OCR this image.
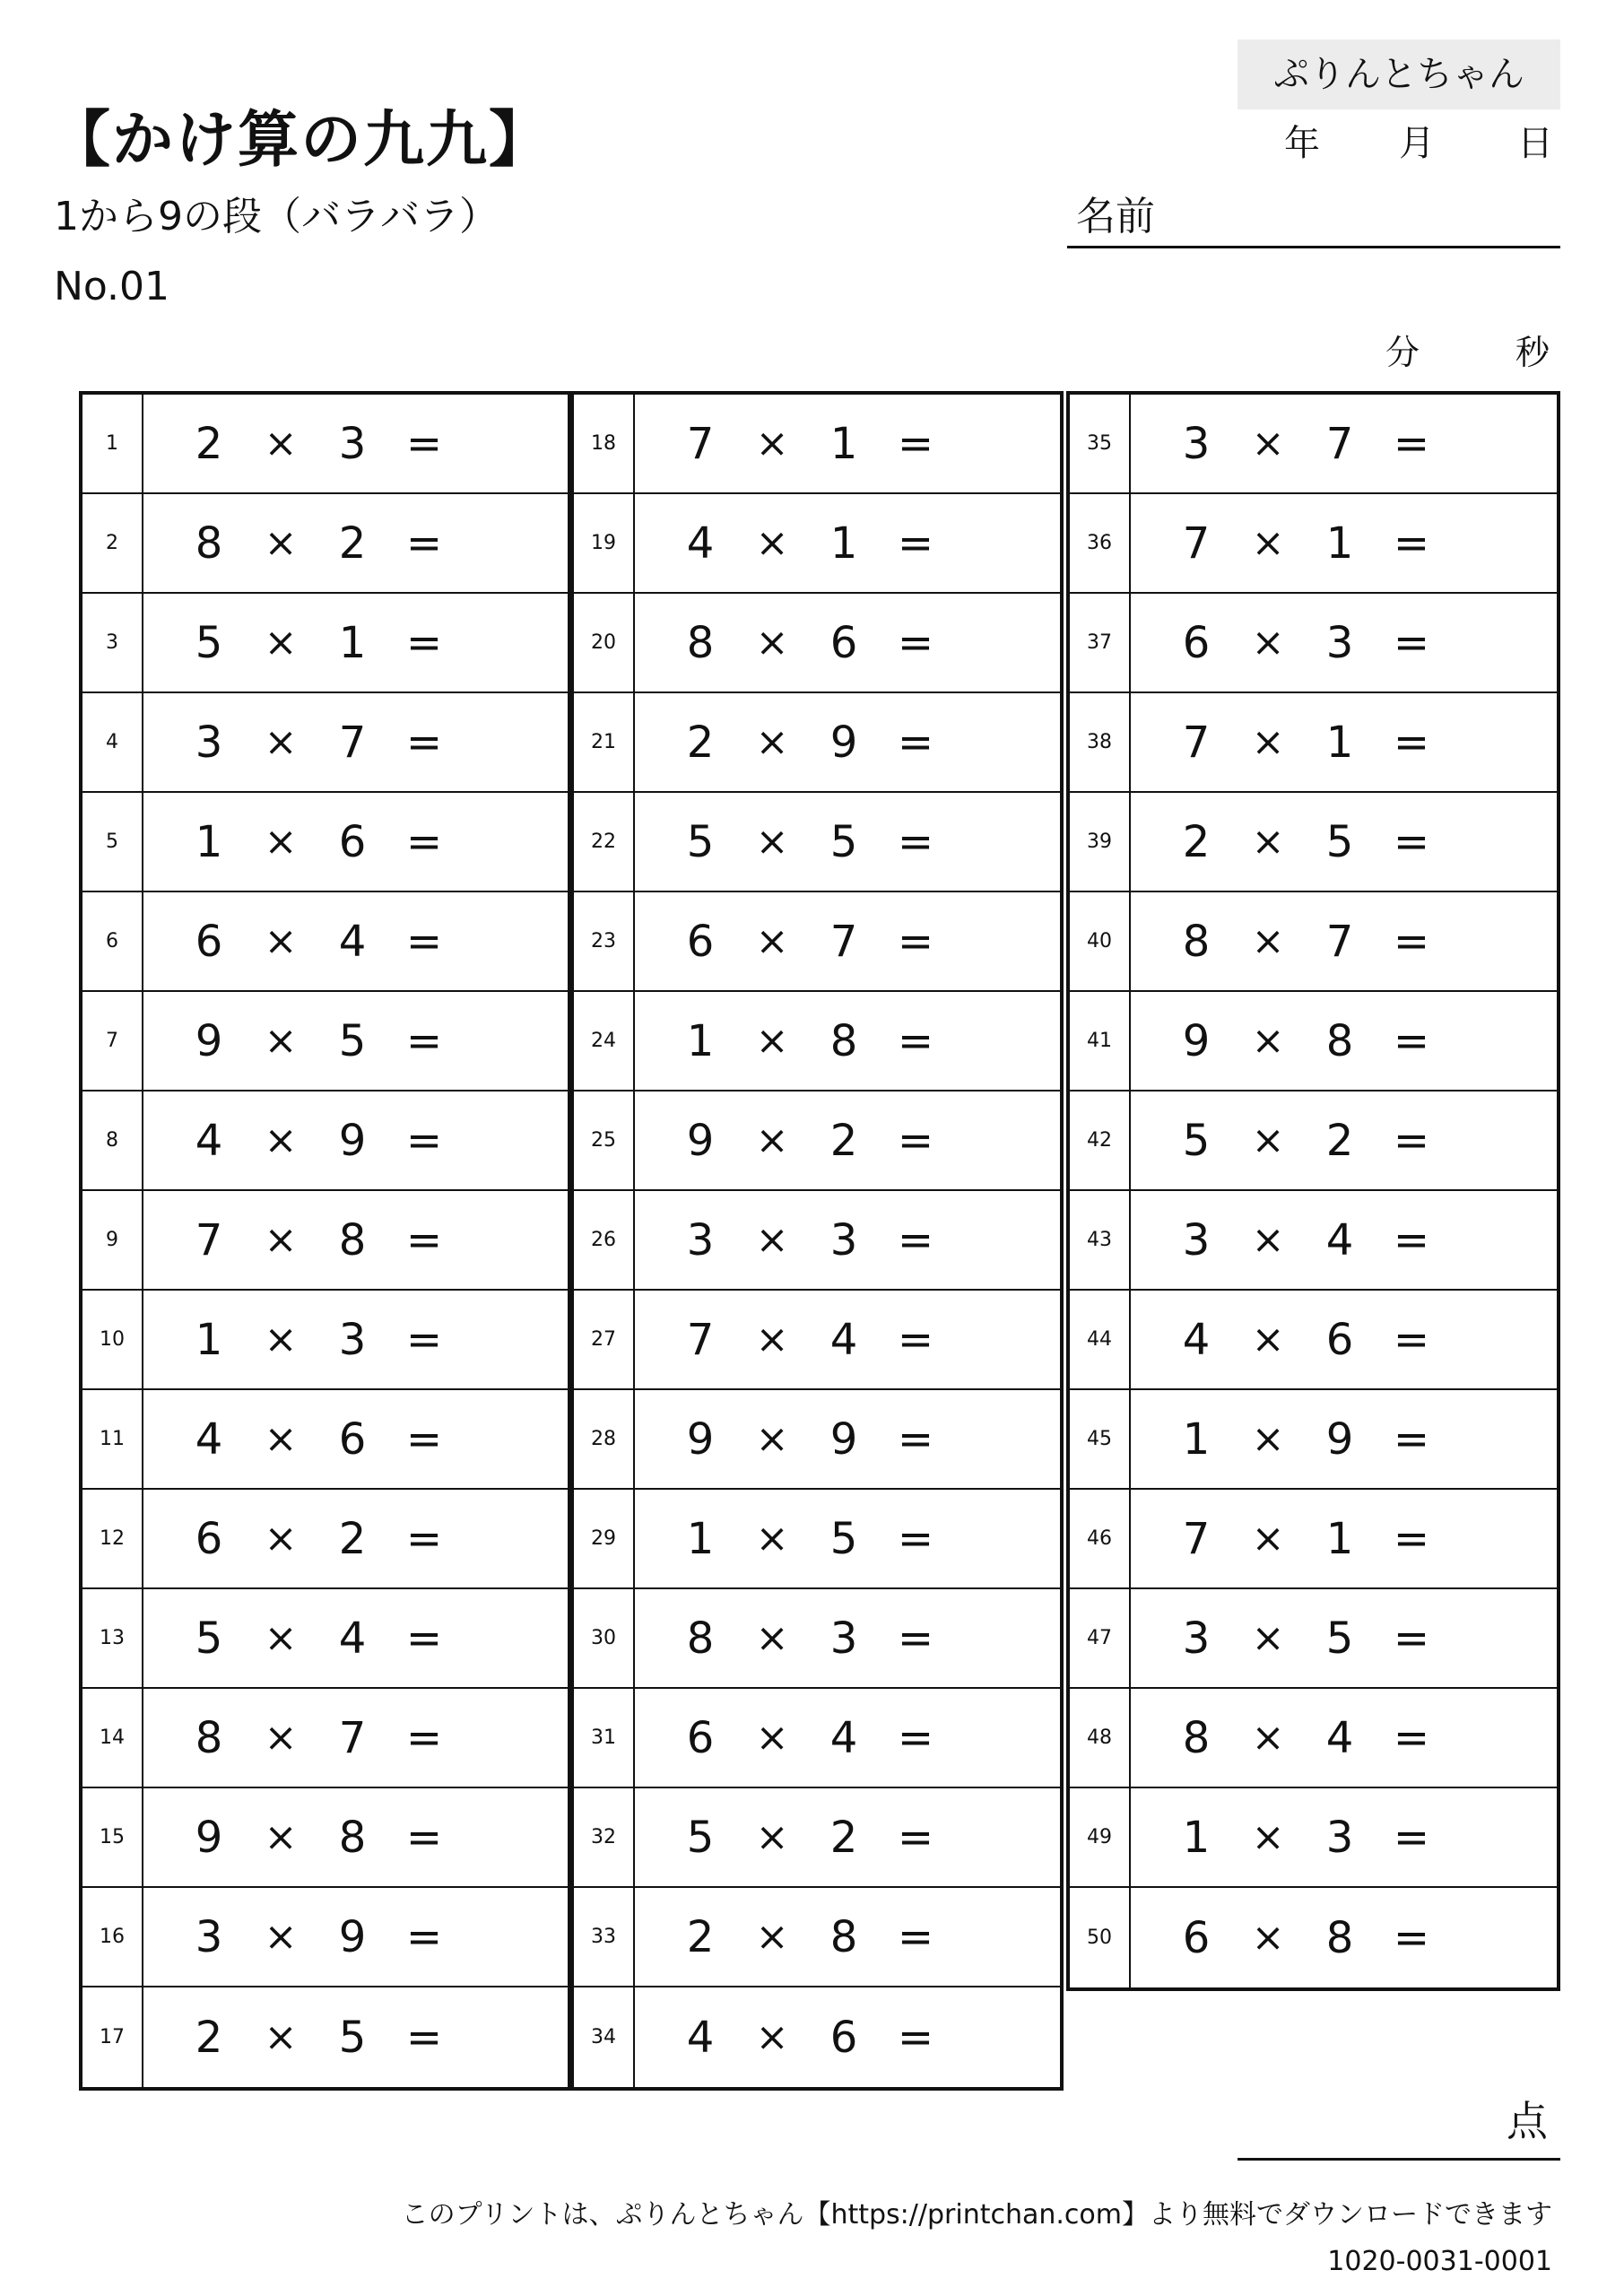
【かけ算の九九】
1から9の段（バラバラ）
No.01
ぷりんとちゃん
年 月 日
名前
分	秒
1	2 × 3 =
2	8 × 2 =
3	5 × 1 =
4	3 × 7 =
5	1 × 6 =
6	6 × 4 =
7	9 × 5 =
8	4 × 9 =
9	7 × 8 =
10	1 × 3 =
11	4 × 6 =
12	6 × 2 =
13	5 × 4 =
14	8 × 7 =
15	9 × 8 =
16	3 × 9 =
17	2 × 5 =
18	7 × 1 =
19	4 × 1 =
20	8 × 6 =
21	2 × 9 =
22	5 × 5 =
23	6 × 7 =
24	1 × 8 =
25	9 × 2 =
26	3 × 3 =
27	7 × 4 =
28	9 × 9 =
29	1 × 5 =
30	8 × 3 =
31	6 × 4 =
32	5 × 2 =
33	2 × 8 =
34	4 × 6 =
35	3 × 7 =
36	7 × 1 =
37	6 × 3 =
38	7 × 1 =
39	2 × 5 =
40	8 × 7 =
41	9 × 8 =
42	5 × 2 =
43	3 × 4 =
44	4 × 6 =
45	1 × 9 =
46	7 × 1 =
47	3 × 5 =
48	8 × 4 =
49	1 × 3 =
50	6 × 8 =
点
このプリントは、ぷりんとちゃん【https://printchan.com】より無料でダウンロードできます
1020-0031-0001
